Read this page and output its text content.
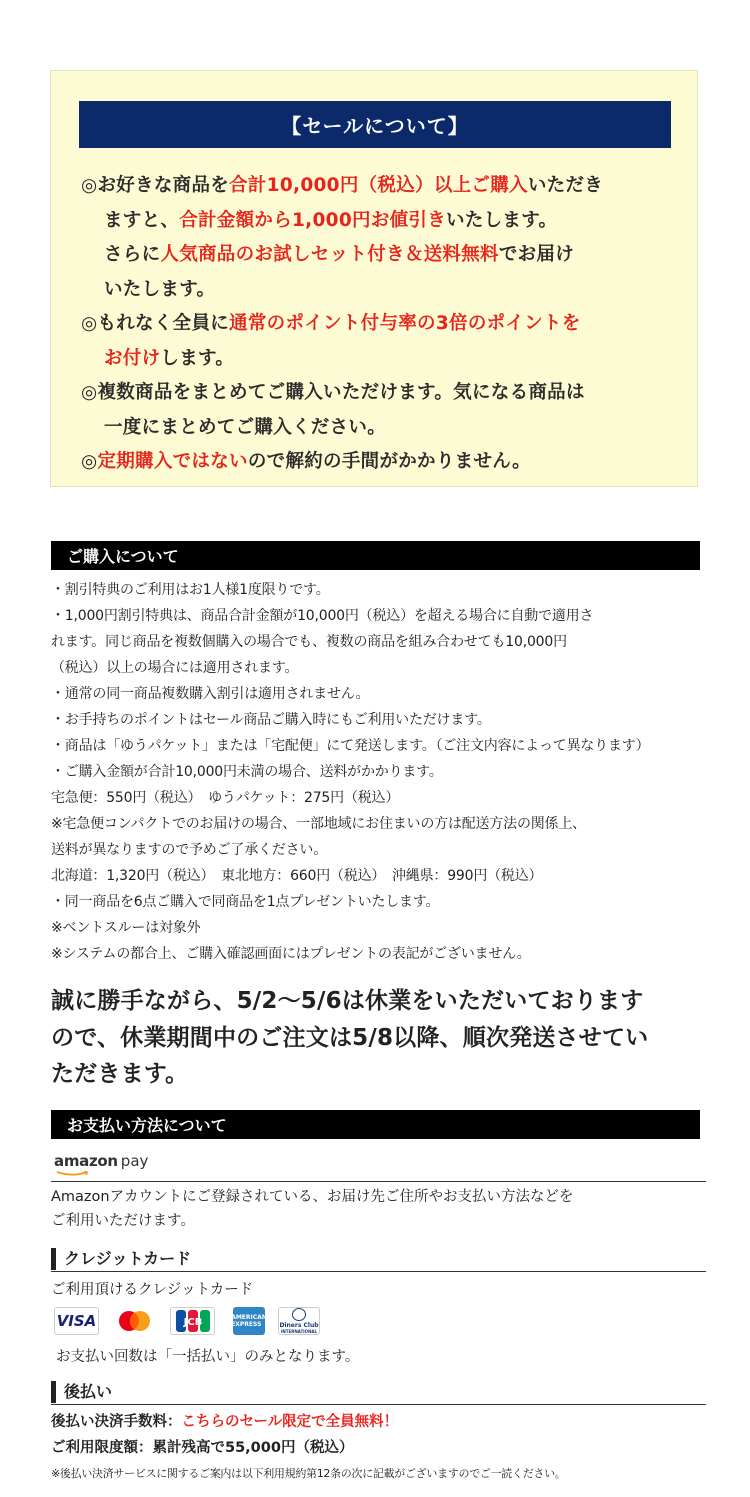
【セールについて】
◎お好きな商品を合計10,000円（税込）以上ご購入いただき
ますと、合計金額から1,000円お値引きいたします。
さらに人気商品のお試しセット付き＆送料無料でお届け
いたします。
◎もれなく全員に通常のポイント付与率の3倍のポイントを
お付けします。
◎複数商品をまとめてご購入いただけます。気になる商品は
一度にまとめてご購入ください。
◎定期購入ではないので解約の手間がかかりません。
ご購入について
・割引特典のご利用はお1人様1度限りです。
・1,000円割引特典は、商品合計金額が10,000円（税込）を超える場合に自動で適用さ
れます。同じ商品を複数個購入の場合でも、複数の商品を組み合わせても10,000円
（税込）以上の場合には適用されます。
・通常の同一商品複数購入割引は適用されません。
・お手持ちのポイントはセール商品ご購入時にもご利用いただけます。
・商品は「ゆうパケット」または「宅配便」にて発送します。（ご注文内容によって異なります）
・ご購入金額が合計10,000円未満の場合、送料がかかります。
宅急便：550円（税込）　ゆうパケット：275円（税込）
※宅急便コンパクトでのお届けの場合、一部地域にお住まいの方は配送方法の関係上、
送料が異なりますので予めご了承ください。
北海道：1,320円（税込）　東北地方：660円（税込）　沖縄県：990円（税込）
・同一商品を6点ご購入で同商品を1点プレゼントいたします。
※ベントスルーは対象外
※システムの都合上、ご購入確認画面にはプレゼントの表記がございません。
誠に勝手ながら、5/2〜5/6は休業をいただいております
ので、休業期間中のご注文は5/8以降、順次発送させてい
ただきます。
お支払い方法について
amazon pay
Amazonアカウントにご登録されている、お届け先ご住所やお支払い方法などを
ご利用いただけます。
クレジットカード
ご利用頂けるクレジットカード
VISA	JCB	AMERICAN EXPRESS	Diners Club
INTERNATIONAL
お支払い回数は「一括払い」のみとなります。
後払い
後払い決済手数料：こちらのセール限定で全員無料！
ご利用限度額：累計残高で55,000円（税込）
※後払い決済サービスに関するご案内は以下利用規約第12条の次に記載がございますのでご一読ください。
